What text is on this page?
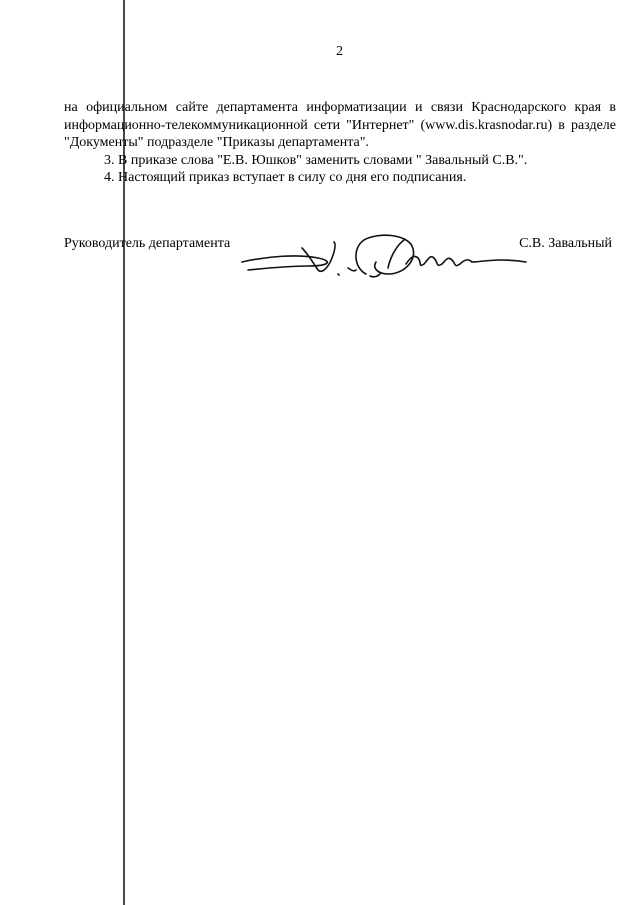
2

на официальном сайте департамента информатизации и связи Краснодарского края в информационно-телекоммуникационной сети "Интернет" (www.dis.krasnodar.ru) в разделе "Документы" подразделе "Приказы департамента".

3. В приказе слова "Е.В. Юшков" заменить словами " Завальный С.В.".

4. Настоящий приказ вступает в силу со дня его подписания.

Руководитель департамента	С.В. Завальный
